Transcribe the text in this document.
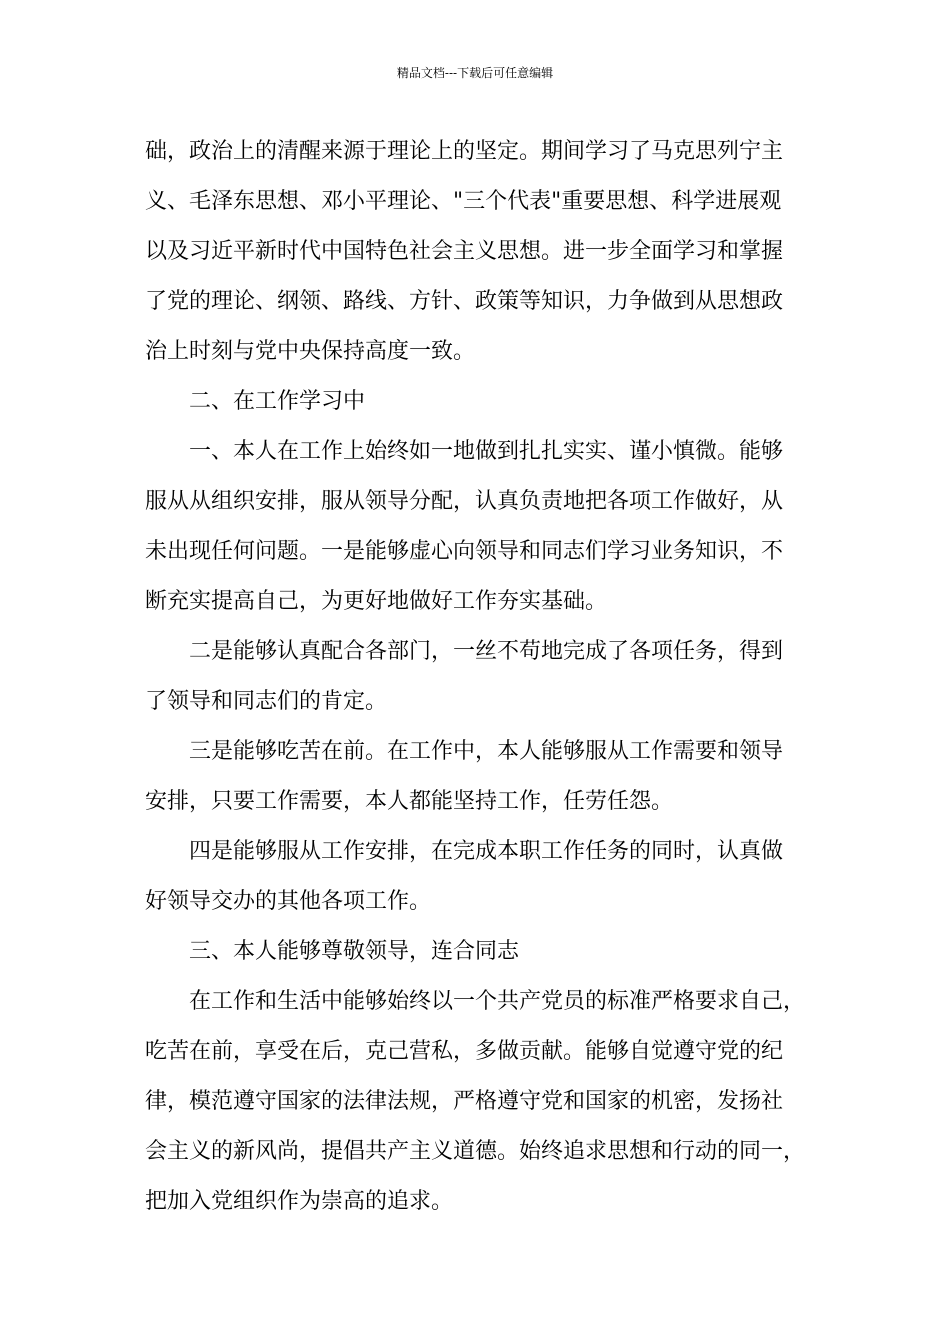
精品文档---下载后可任意编辑
础，政治上的清醒来源于理论上的坚定。期间学习了马克思列宁主
义、毛泽东思想、邓小平理论、"三个代表"重要思想、科学进展观
以及习近平新时代中国特色社会主义思想。进一步全面学习和掌握
了党的理论、纲领、路线、方针、政策等知识，力争做到从思想政
治上时刻与党中央保持高度一致。
二、在工作学习中
一、本人在工作上始终如一地做到扎扎实实、谨小慎微。能够
服从从组织安排，服从领导分配，认真负责地把各项工作做好，从
未出现任何问题。一是能够虚心向领导和同志们学习业务知识，不
断充实提高自己，为更好地做好工作夯实基础。
二是能够认真配合各部门，一丝不苟地完成了各项任务，得到
了领导和同志们的肯定。
三是能够吃苦在前。在工作中，本人能够服从工作需要和领导
安排，只要工作需要，本人都能坚持工作，任劳任怨。
四是能够服从工作安排，在完成本职工作任务的同时，认真做
好领导交办的其他各项工作。
三、本人能够尊敬领导，连合同志
在工作和生活中能够始终以一个共产党员的标准严格要求自己，
吃苦在前，享受在后，克己营私，多做贡献。能够自觉遵守党的纪
律，模范遵守国家的法律法规，严格遵守党和国家的机密，发扬社
会主义的新风尚，提倡共产主义道德。始终追求思想和行动的同一，
把加入党组织作为崇高的追求。
